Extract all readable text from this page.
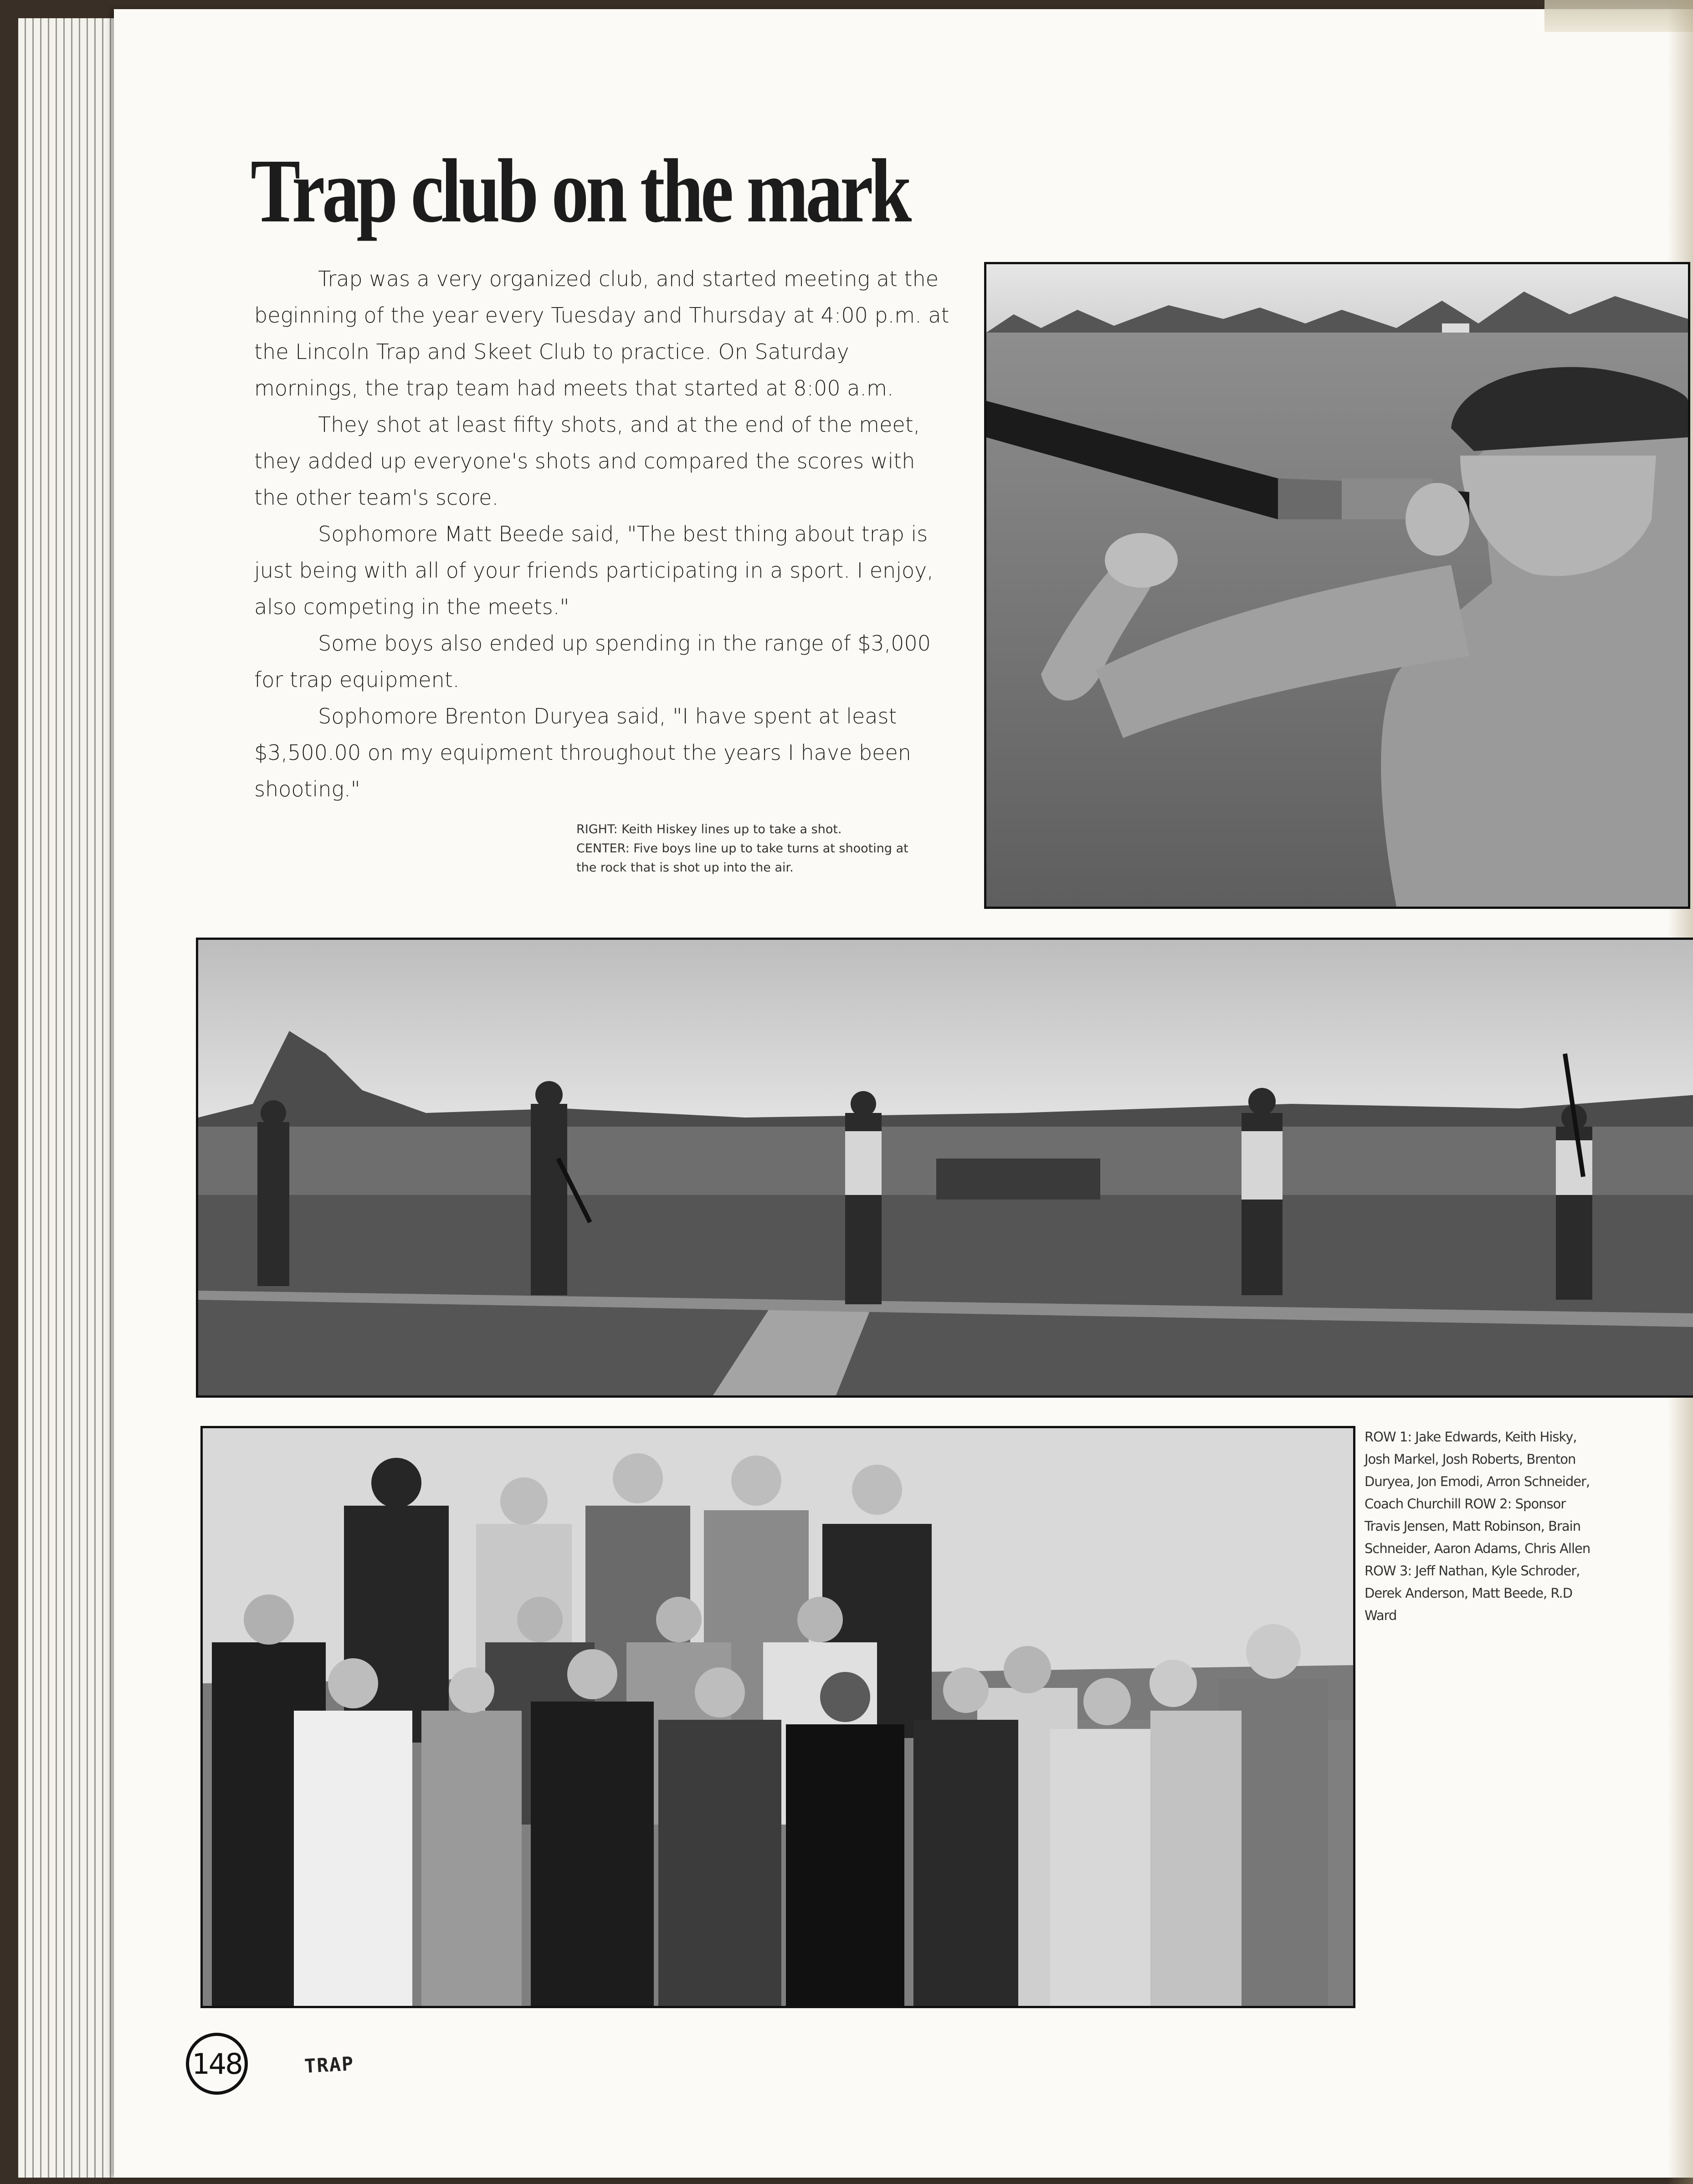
Trap club on the mark

Trap was a very organized club, and started meeting at the beginning of the year every Tuesday and Thursday at 4:00 p.m. at the Lincoln Trap and Skeet Club to practice. On Saturday mornings, the trap team had meets that started at 8:00 a.m.

They shot at least fifty shots, and at the end of the meet, they added up everyone's shots and compared the scores with the other team's score.

Sophomore Matt Beede said, "The best thing about trap is just being with all of your friends participating in a sport. I enjoy, also competing in the meets."

Some boys also ended up spending in the range of $3,000 for trap equipment.

Sophomore Brenton Duryea said, "I have spent at least $3,500.00 on my equipment throughout the years I have been shooting."

RIGHT: Keith Hiskey lines up to take a shot.
CENTER: Five boys line up to take turns at shooting at
the rock that is shot up into the air.
ROW 1: Jake Edwards, Keith Hisky, Josh Markel, Josh Roberts, Brenton Duryea, Jon Emodi, Arron Schneider, Coach Churchill ROW 2: Sponsor Travis Jensen, Matt Robinson, Brain Schneider, Aaron Adams, Chris Allen ROW 3: Jeff Nathan, Kyle Schroder, Derek Anderson, Matt Beede, R.D Ward
148	TRAP
